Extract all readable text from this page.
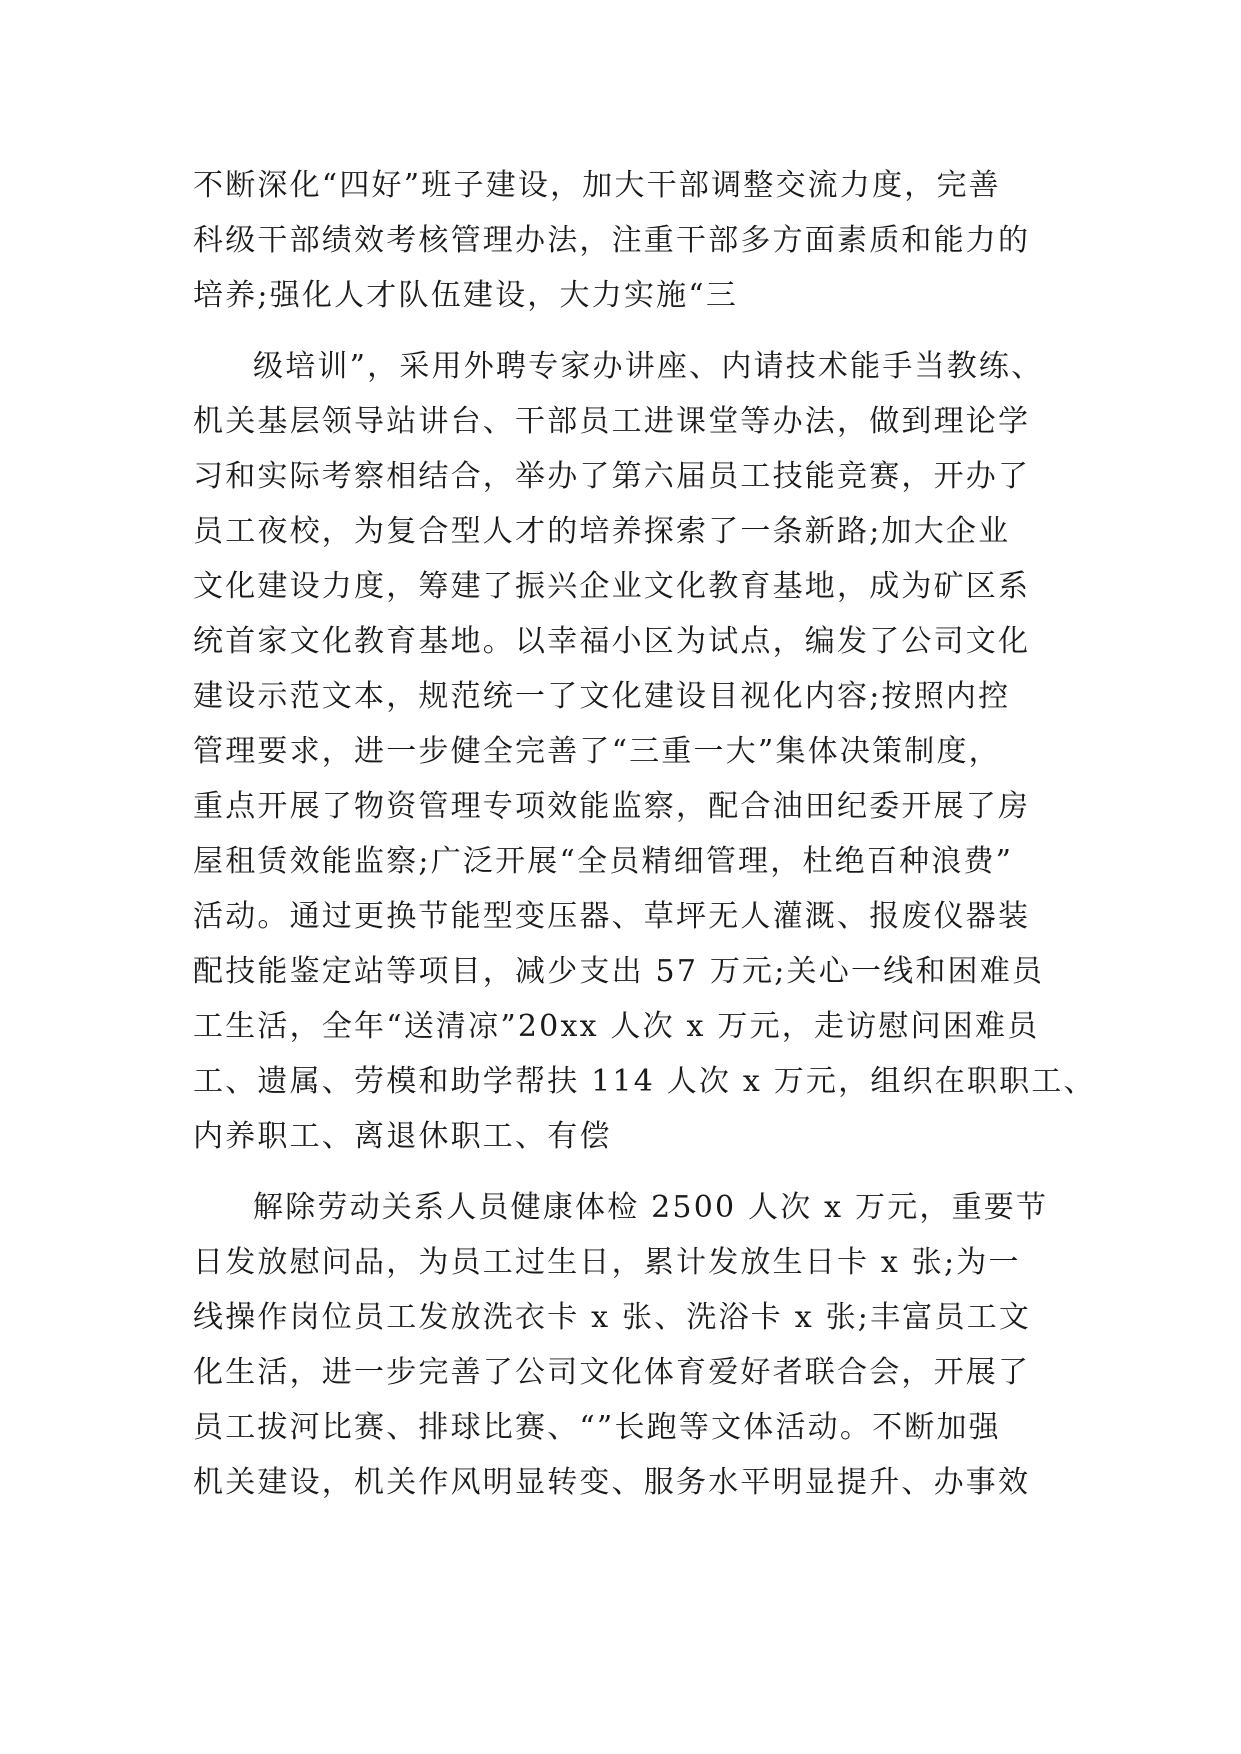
不断深化“四好”班子建设，加大干部调整交流力度，完善
科级干部绩效考核管理办法，注重干部多方面素质和能力的
培养;强化人才队伍建设，大力实施“三
级培训”，采用外聘专家办讲座、内请技术能手当教练、
机关基层领导站讲台、干部员工进课堂等办法，做到理论学
习和实际考察相结合，举办了第六届员工技能竞赛，开办了
员工夜校，为复合型人才的培养探索了一条新路;加大企业
文化建设力度，筹建了振兴企业文化教育基地，成为矿区系
统首家文化教育基地。以幸福小区为试点，编发了公司文化
建设示范文本，规范统一了文化建设目视化内容;按照内控
管理要求，进一步健全完善了“三重一大”集体决策制度，
重点开展了物资管理专项效能监察，配合油田纪委开展了房
屋租赁效能监察;广泛开展“全员精细管理，杜绝百种浪费”
活动。通过更换节能型变压器、草坪无人灌溉、报废仪器装
配技能鉴定站等项目，减少支出 57 万元;关心一线和困难员
工生活，全年“送清凉”20xx 人次 x 万元，走访慰问困难员
工、遗属、劳模和助学帮扶 114 人次 x 万元，组织在职职工、
内养职工、离退休职工、有偿
解除劳动关系人员健康体检 2500 人次 x 万元，重要节
日发放慰问品，为员工过生日，累计发放生日卡 x 张;为一
线操作岗位员工发放洗衣卡 x 张、洗浴卡 x 张;丰富员工文
化生活，进一步完善了公司文化体育爱好者联合会，开展了
员工拔河比赛、排球比赛、“”长跑等文体活动。不断加强
机关建设，机关作风明显转变、服务水平明显提升、办事效
